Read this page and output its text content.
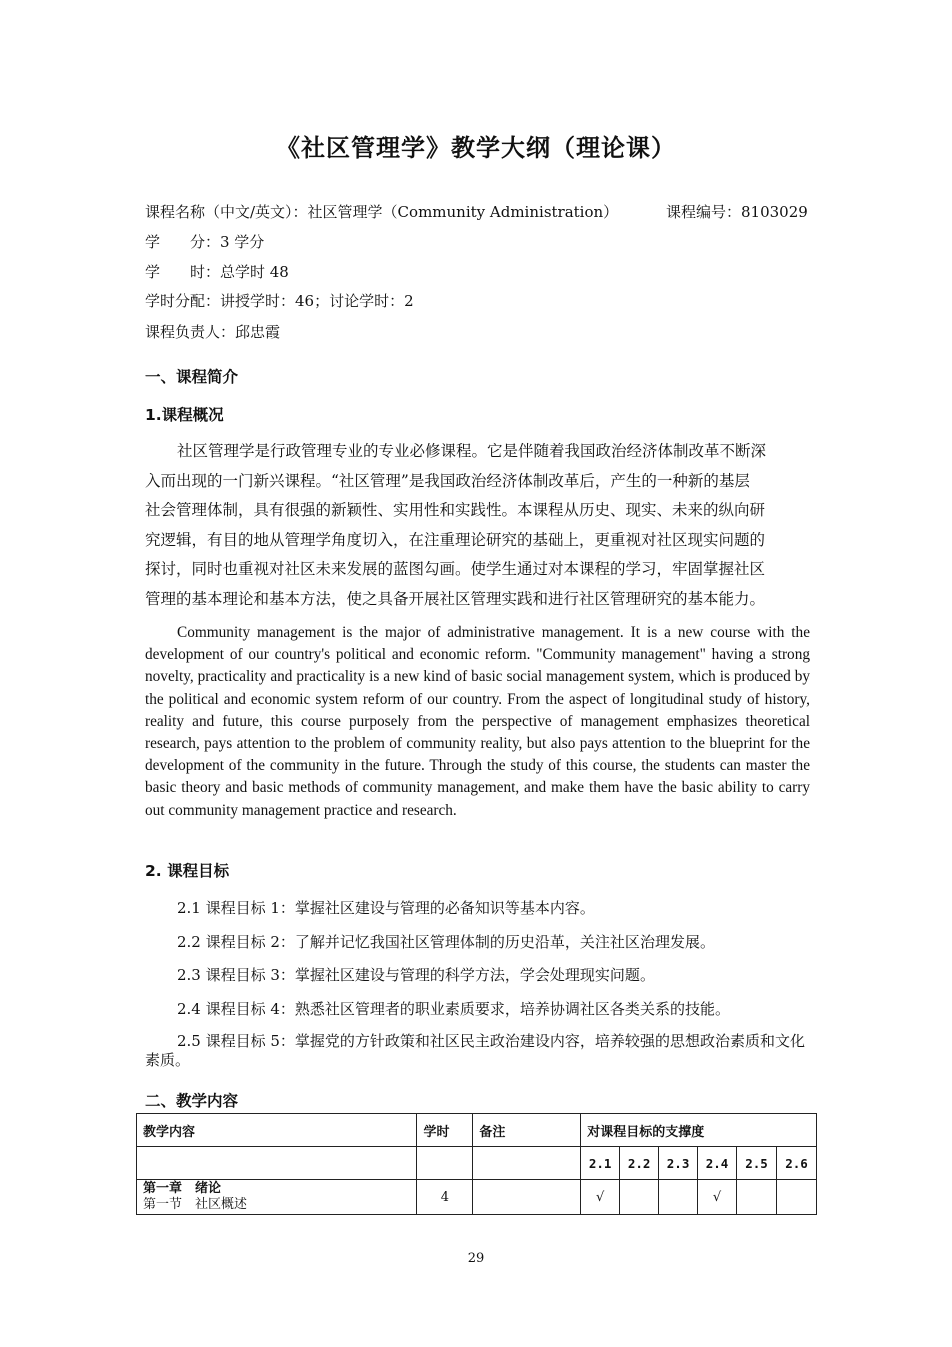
《社区管理学》教学大纲（理论课）
课程名称（中文/英文）：社区管理学（Community Administration）	课程编号：8103029
学　　分：3 学分
学　　时：总学时 48
学时分配：讲授学时：46；讨论学时：2
课程负责人：邱忠霞
一、课程简介
1.课程概况
社区管理学是行政管理专业的专业必修课程。它是伴随着我国政治经济体制改革不断深
入而出现的一门新兴课程。“社区管理”是我国政治经济体制改革后，产生的一种新的基层
社会管理体制，具有很强的新颖性、实用性和实践性。本课程从历史、现实、未来的纵向研
究逻辑，有目的地从管理学角度切入，在注重理论研究的基础上，更重视对社区现实问题的
探讨，同时也重视对社区未来发展的蓝图勾画。使学生通过对本课程的学习，牢固掌握社区
管理的基本理论和基本方法，使之具备开展社区管理实践和进行社区管理研究的基本能力。
Community management is the major of administrative management. It is a new course with the development of our country's political and economic reform. "Community management" having a strong novelty, practicality and practicality is a new kind of basic social management system, which is produced by the political and economic system reform of our country. From the aspect of longitudinal study of history, reality and future, this course purposely from the perspective of management emphasizes theoretical research, pays attention to the problem of community reality, but also pays attention to the blueprint for the development of the community in the future. Through the study of this course, the students can master the basic theory and basic methods of community management, and make them have the basic ability to carry out community management practice and research.
2. 课程目标
2.1 课程目标 1：掌握社区建设与管理的必备知识等基本内容。
2.2 课程目标 2：了解并记忆我国社区管理体制的历史沿革，关注社区治理发展。
2.3 课程目标 3：掌握社区建设与管理的科学方法，学会处理现实问题。
2.4 课程目标 4：熟悉社区管理者的职业素质要求，培养协调社区各类关系的技能。
2.5 课程目标 5：掌握党的方针政策和社区民主政治建设内容，培养较强的思想政治素质和文化素质。
二、教学内容
教学内容	学时	备注	对课程目标的支撑度					
			2.1	2.2	2.3	2.4	2.5	2.6

第一章　绪论
第一节　社区概述	4		√			√		
29
